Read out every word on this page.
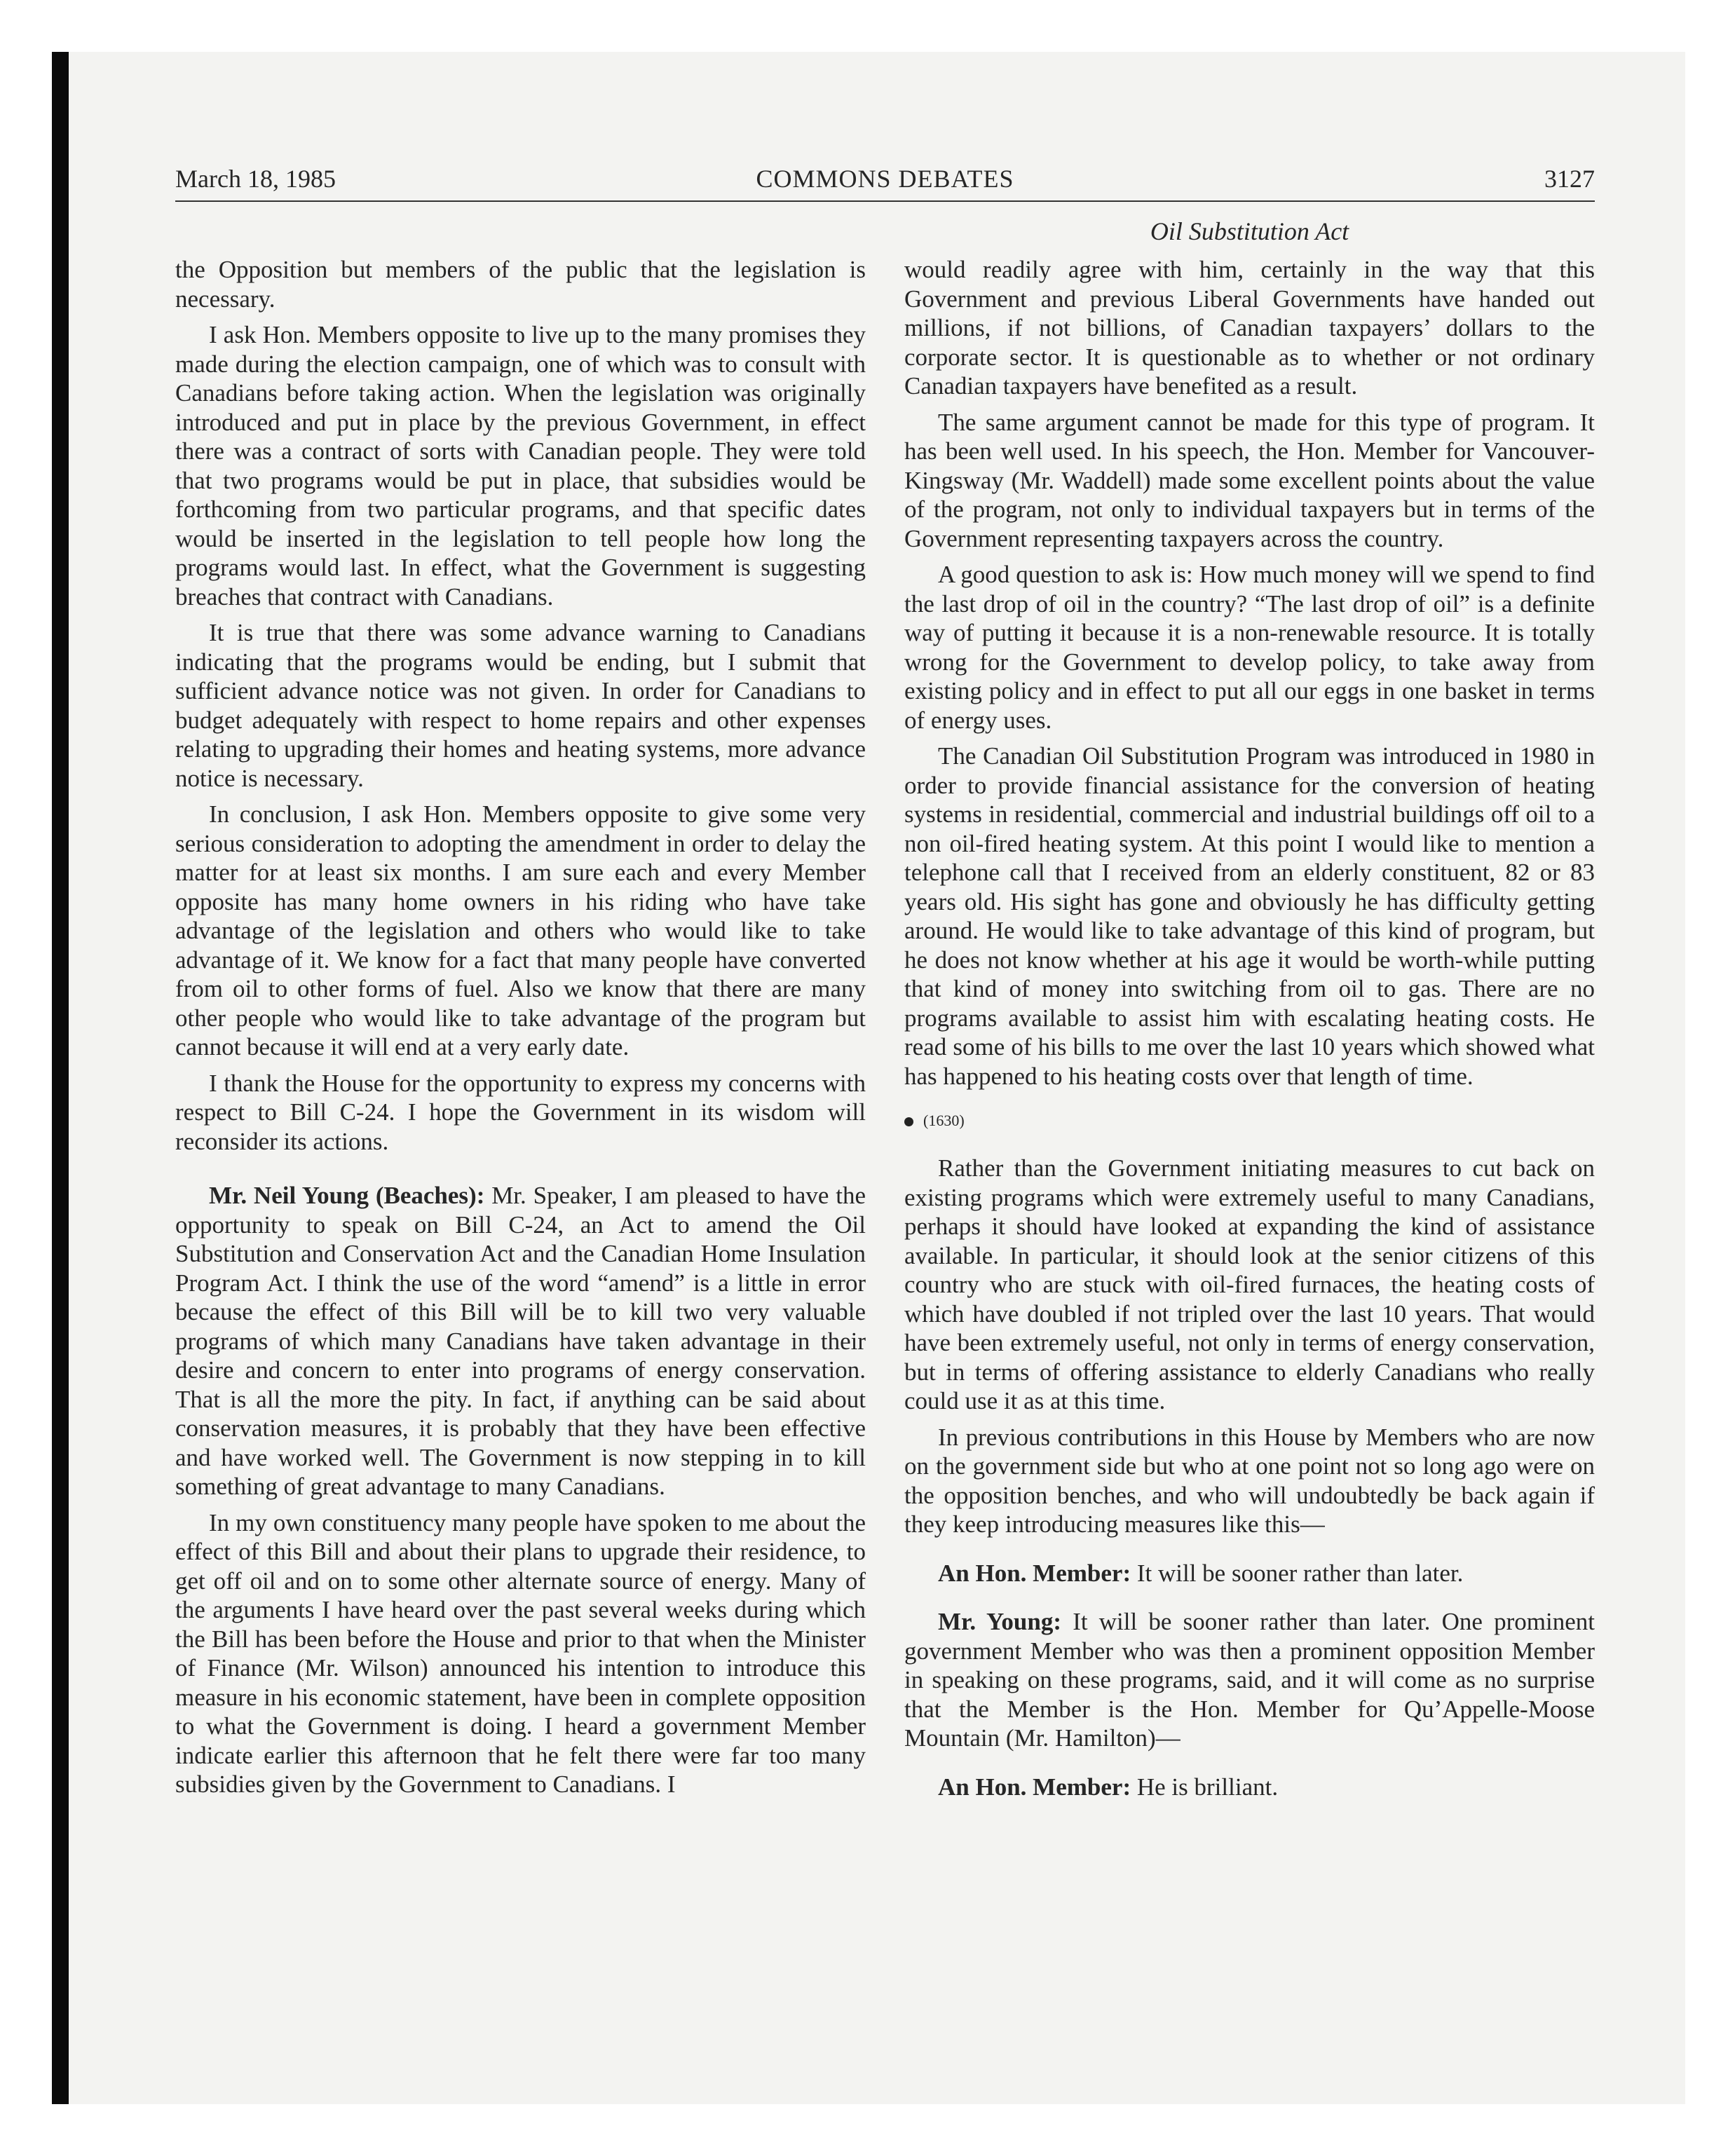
March 18, 1985	COMMONS DEBATES	3127
Oil Substitution Act

the Opposition but members of the public that the legislation is necessary.

I ask Hon. Members opposite to live up to the many promises they made during the election campaign, one of which was to consult with Canadians before taking action. When the legislation was originally introduced and put in place by the previous Government, in effect there was a contract of sorts with Canadian people. They were told that two programs would be put in place, that subsidies would be forthcoming from two particular programs, and that specific dates would be inserted in the legislation to tell people how long the programs would last. In effect, what the Government is suggesting breaches that contract with Canadians.

It is true that there was some advance warning to Canadians indicating that the programs would be ending, but I submit that sufficient advance notice was not given. In order for Canadians to budget adequately with respect to home repairs and other expenses relating to upgrading their homes and heating systems, more advance notice is necessary.

In conclusion, I ask Hon. Members opposite to give some very serious consideration to adopting the amendment in order to delay the matter for at least six months. I am sure each and every Member opposite has many home owners in his riding who have take advantage of the legislation and others who would like to take advantage of it. We know for a fact that many people have converted from oil to other forms of fuel. Also we know that there are many other people who would like to take advantage of the program but cannot because it will end at a very early date.

I thank the House for the opportunity to express my concerns with respect to Bill C-24. I hope the Government in its wisdom will reconsider its actions.

Mr. Neil Young (Beaches): Mr. Speaker, I am pleased to have the opportunity to speak on Bill C-24, an Act to amend the Oil Substitution and Conservation Act and the Canadian Home Insulation Program Act. I think the use of the word “amend” is a little in error because the effect of this Bill will be to kill two very valuable programs of which many Canadians have taken advantage in their desire and concern to enter into programs of energy conservation. That is all the more the pity. In fact, if anything can be said about conservation measures, it is probably that they have been effective and have worked well. The Government is now stepping in to kill something of great advantage to many Canadians.

In my own constituency many people have spoken to me about the effect of this Bill and about their plans to upgrade their residence, to get off oil and on to some other alternate source of energy. Many of the arguments I have heard over the past several weeks during which the Bill has been before the House and prior to that when the Minister of Finance (Mr. Wilson) announced his intention to introduce this measure in his economic statement, have been in complete opposition to what the Government is doing. I heard a government Member indicate earlier this afternoon that he felt there were far too many subsidies given by the Government to Canadians. I

would readily agree with him, certainly in the way that this Government and previous Liberal Governments have handed out millions, if not billions, of Canadian taxpayers’ dollars to the corporate sector. It is questionable as to whether or not ordinary Canadian taxpayers have benefited as a result.

The same argument cannot be made for this type of program. It has been well used. In his speech, the Hon. Member for Vancouver-Kingsway (Mr. Waddell) made some excellent points about the value of the program, not only to individual taxpayers but in terms of the Government representing taxpayers across the country.

A good question to ask is: How much money will we spend to find the last drop of oil in the country? “The last drop of oil” is a definite way of putting it because it is a non-renewable resource. It is totally wrong for the Government to develop policy, to take away from existing policy and in effect to put all our eggs in one basket in terms of energy uses.

The Canadian Oil Substitution Program was introduced in 1980 in order to provide financial assistance for the conversion of heating systems in residential, commercial and industrial buildings off oil to a non oil-fired heating system. At this point I would like to mention a telephone call that I received from an elderly constituent, 82 or 83 years old. His sight has gone and obviously he has difficulty getting around. He would like to take advantage of this kind of program, but he does not know whether at his age it would be worth-while putting that kind of money into switching from oil to gas. There are no programs available to assist him with escalating heating costs. He read some of his bills to me over the last 10 years which showed what has happened to his heating costs over that length of time.

(1630)

Rather than the Government initiating measures to cut back on existing programs which were extremely useful to many Canadians, perhaps it should have looked at expanding the kind of assistance available. In particular, it should look at the senior citizens of this country who are stuck with oil-fired furnaces, the heating costs of which have doubled if not tripled over the last 10 years. That would have been extremely useful, not only in terms of energy conservation, but in terms of offering assistance to elderly Canadians who really could use it as at this time.

In previous contributions in this House by Members who are now on the government side but who at one point not so long ago were on the opposition benches, and who will undoubtedly be back again if they keep introducing measures like this—

An Hon. Member: It will be sooner rather than later.

Mr. Young: It will be sooner rather than later. One prominent government Member who was then a prominent opposition Member in speaking on these programs, said, and it will come as no surprise that the Member is the Hon. Member for Qu’Appelle-Moose Mountain (Mr. Hamilton)—

An Hon. Member: He is brilliant.
